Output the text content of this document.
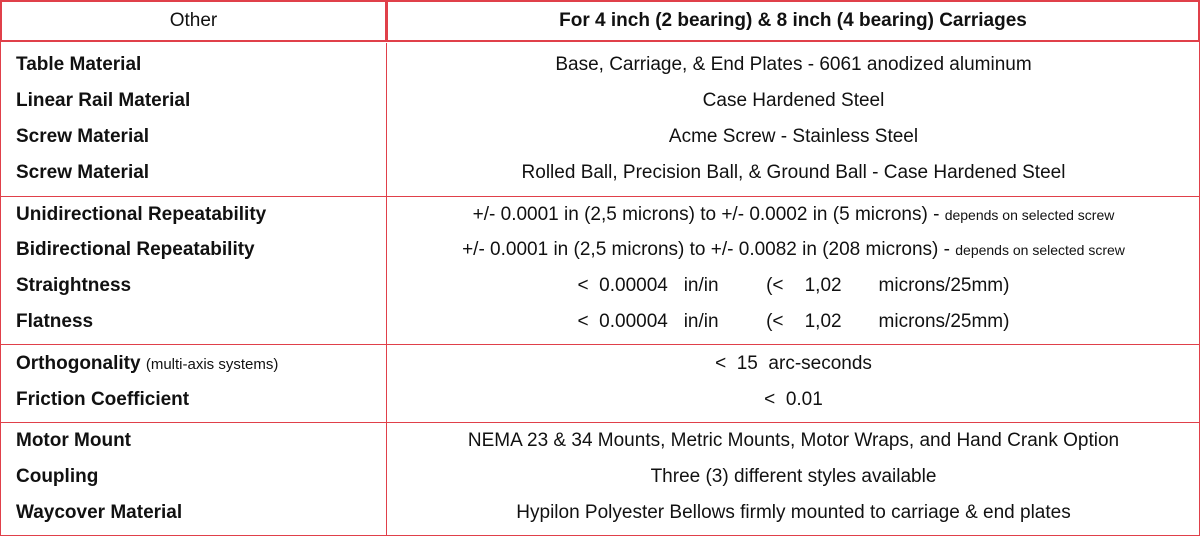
Other	For 4 inch (2 bearing) & 8 inch (4 bearing) Carriages
Table Material	Base, Carriage, & End Plates - 6061 anodized aluminum
Linear Rail Material	Case Hardened Steel
Screw Material	Acme Screw - Stainless Steel
Screw Material	Rolled Ball, Precision Ball, & Ground Ball - Case Hardened Steel
Unidirectional Repeatability	+/- 0.0001 in (2,5 microns) to +/- 0.0002 in (5 microns) - depends on selected screw
Bidirectional Repeatability	+/- 0.0001 in (2,5 microns) to +/- 0.0082 in (208 microns) - depends on selected screw
Straightness	<  0.00004   in/in         (<    1,02       microns/25mm)
Flatness	<  0.00004   in/in         (<    1,02       microns/25mm)
Orthogonality (multi-axis systems)	<  15  arc-seconds
Friction Coefficient	<  0.01
Motor Mount	NEMA 23 & 34 Mounts, Metric Mounts, Motor Wraps, and Hand Crank Option
Coupling	Three (3) different styles available
Waycover Material	Hypilon Polyester Bellows firmly mounted to carriage & end plates
